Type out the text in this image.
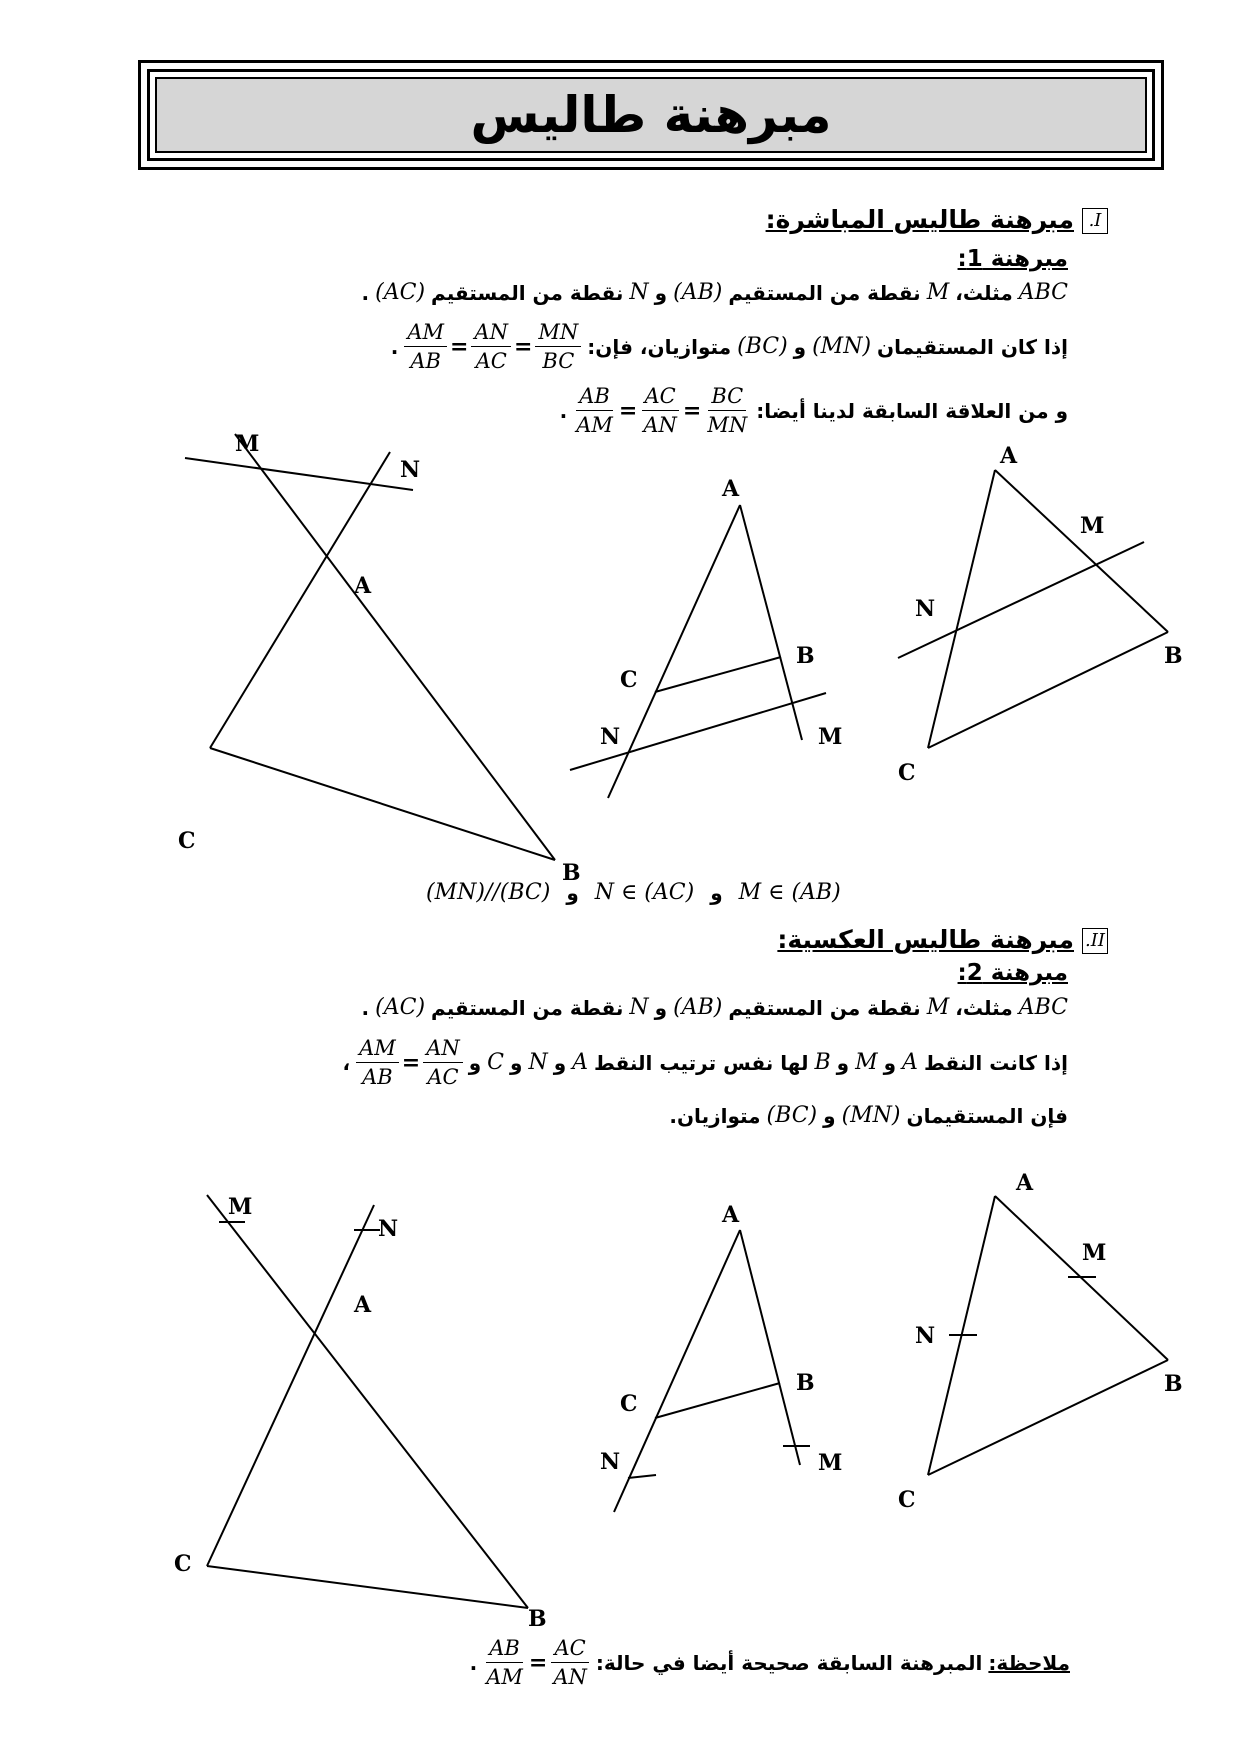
مبرهنة طاليس
I.مبرهنة طاليس المباشرة:
مبرهنة 1:
ABC
مثلث،
M
نقطة من المستقيم
(AB)
و
N
نقطة من المستقيم
(AC)
.
إذا كان المستقيمان
(MN)
و
(BC)
متوازيان، فإن:
$\frac{AM}{AB} = \frac{AN}{AC} = \frac{MN}{BC}$
.
و من العلاقة السابقة لدينا أيضا:
$\frac{AB}{AM} = \frac{AC}{AN} = \frac{BC}{MN}$
.
M
N
A
C
B
A
B
C
N	M
A
M
N
B
C
(MN)//(BC) و N ∈ (AC) و M ∈ (AB)
II.مبرهنة طاليس العكسية:
مبرهنة 2:
ABC
مثلث،
M
نقطة من المستقيم
(AB)
و
N
نقطة من المستقيم
(AC)
.
إذا كانت النقط
A
و
M
و
B
لها نفس ترتيب النقط
A
و
N
و
C
و
$\frac{AM}{AB} = \frac{AN}{AC}$
،
فإن المستقيمان
(MN)
و
(BC)
متوازيان.
M
N
A
C
B
A
B
C
N	M
A
M
N
B
C
ملاحظة:
المبرهنة السابقة صحيحة أيضا في حالة:
$\frac{AB}{AM} = \frac{AC}{AN}$
.
